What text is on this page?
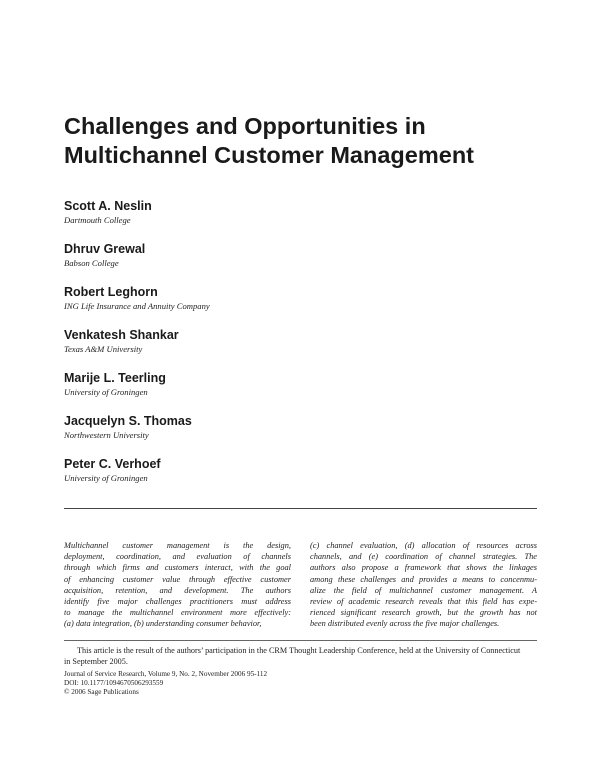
Challenges and Opportunities in
Multichannel Customer Management
Scott A. Neslin
Dartmouth College
Dhruv Grewal
Babson College
Robert Leghorn
ING Life Insurance and Annuity Company
Venkatesh Shankar
Texas A&M University
Marije L. Teerling
University of Groningen
Jacquelyn S. Thomas
Northwestern University
Peter C. Verhoef
University of Groningen
Multichannel customer management is the design,
deployment, coordination, and evaluation of channels
through which firms and customers interact, with the goal
of enhancing customer value through effective customer
acquisition, retention, and development. The authors
identify five major challenges practitioners must address
to manage the multichannel environment more effectively:
(a) data integration, (b) understanding consumer behavior,
(c) channel evaluation, (d) allocation of resources across
channels, and (e) coordination of channel strategies. The
authors also propose a framework that shows the linkages
among these challenges and provides a means to concептu-
alize the field of multichannel customer management. A
review of academic research reveals that this field has expe-
rienced significant research growth, but the growth has not
been distributed evenly across the five major challenges.
This article is the result of the authors’ participation in the CRM Thought Leadership Conference, held at the University of Connecticut
in September 2005.
Journal of Service Research, Volume 9, No. 2, November 2006 95-112
DOI: 10.1177/1094670506293559
© 2006 Sage Publications
